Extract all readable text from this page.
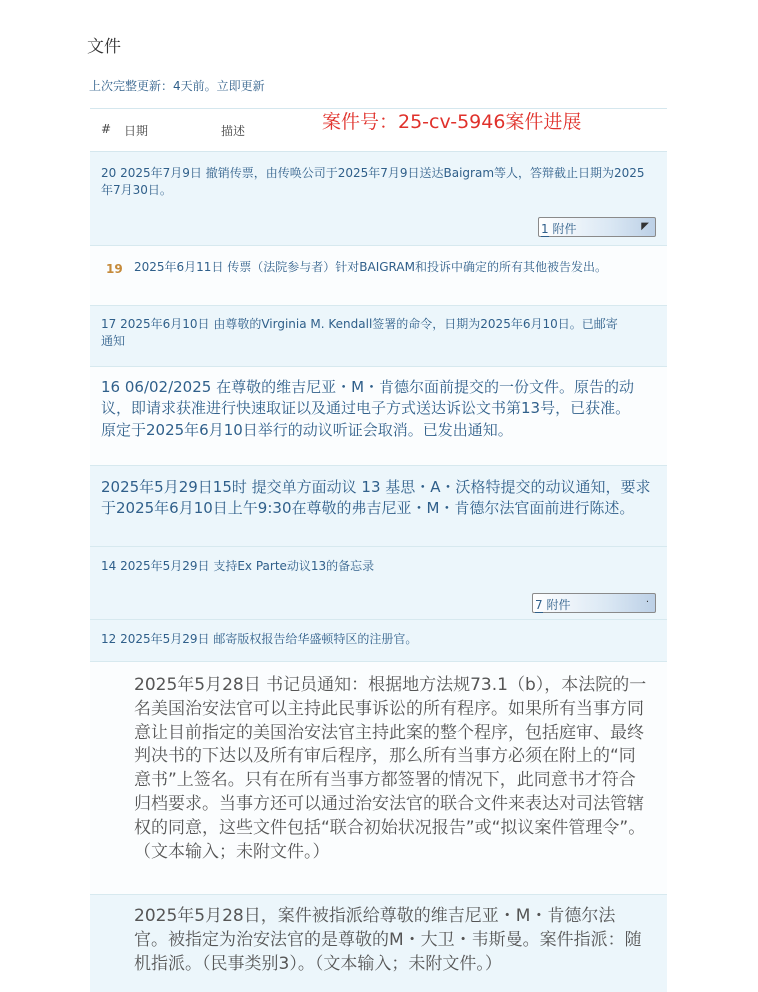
文件
上次完整更新：4天前。立即更新
# 日期	描述
20 2025年7月9日 撤销传票，由传唤公司于2025年7月9日送达Baigram等人，答辩截止日期为2025年7月30日。
1 附件	◤
19 2025年6月11日 传票（法院参与者）针对BAIGRAM和投诉中确定的所有其他被告发出。
17 2025年6月10日 由尊敬的Virginia M. Kendall签署的命令，日期为2025年6月10日。已邮寄通知
16 06/02/2025 在尊敬的维吉尼亚・M・肯德尔面前提交的一份文件。原告的动议，即请求获准进行快速取证以及通过电子方式送达诉讼文书第13号，已获准。原定于2025年6月10日举行的动议听证会取消。已发出通知。
2025年5月29日15时 提交单方面动议 13 基思・A・沃格特提交的动议通知，要求于2025年6月10日上午9:30在尊敬的弗吉尼亚・M・肯德尔法官面前进行陈述。
14 2025年5月29日 支持Ex Parte动议13的备忘录
7 附件	·
12 2025年5月29日 邮寄版权报告给华盛顿特区的注册官。
2025年5月28日 书记员通知：根据地方法规73.1（b），本法院的一名美国治安法官可以主持此民事诉讼的所有程序。如果所有当事方同意让目前指定的美国治安法官主持此案的整个程序，包括庭审、最终判决书的下达以及所有审后程序，那么所有当事方必须在附上的“同意书”上签名。只有在所有当事方都签署的情况下，此同意书才符合归档要求。当事方还可以通过治安法官的联合文件来表达对司法管辖权的同意，这些文件包括“联合初始状况报告”或“拟议案件管理令”。（文本输入；未附文件。）
2025年5月28日，案件被指派给尊敬的维吉尼亚・M・肯德尔法官。被指定为治安法官的是尊敬的M・大卫・韦斯曼。案件指派：随机指派。（民事类别3）。（文本输入；未附文件。）
案件号：25-cv-5946案件进展
